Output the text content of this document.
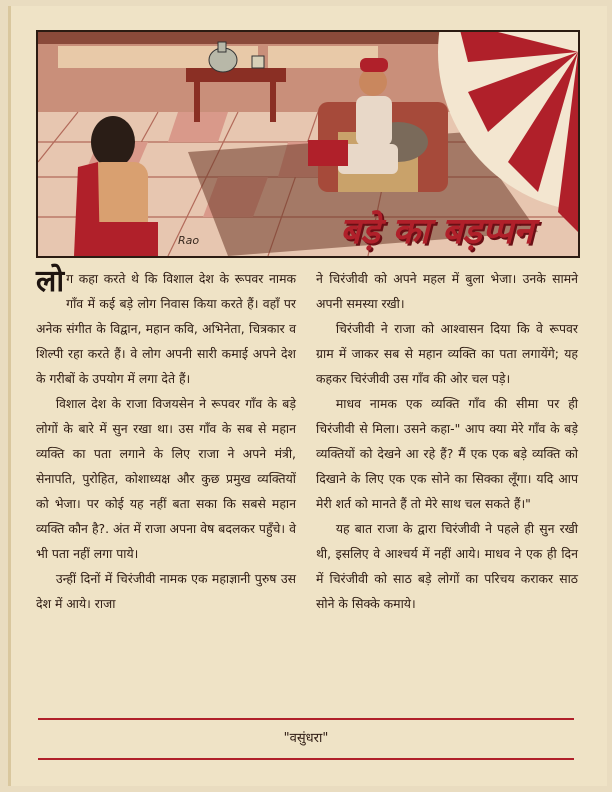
Rao	बड़े का बड़प्पन

लोग कहा करते थे कि विशाल देश के रूपवर नामक गाँव में कई बड़े लोग निवास किया करते हैं। वहाँ पर अनेक संगीत के विद्वान, महान कवि, अभिनेता, चित्रकार व शिल्पी रहा करते हैं। वे लोग अपनी सारी कमाई अपने देश के गरीबों के उपयोग में लगा देते हैं।

विशाल देश के राजा विजयसेन ने रूपवर गाँव के बड़े लोगों के बारे में सुन रखा था। उस गाँव के सब से महान व्यक्ति का पता लगाने के लिए राजा ने अपने मंत्री, सेनापति, पुरोहित, कोशाध्यक्ष और कुछ प्रमुख व्यक्तियों को भेजा। पर कोई यह नहीं बता सका कि सबसे महान व्यक्ति कौन है?. अंत में राजा अपना वेष बदलकर पहुँचे। वे भी पता नहीं लगा पाये।

उन्हीं दिनों में चिरंजीवी नामक एक महाज्ञानी पुरुष उस देश में आये। राजा

ने चिरंजीवी को अपने महल में बुला भेजा। उनके सामने अपनी समस्या रखी।

चिरंजीवी ने राजा को आश्वासन दिया कि वे रूपवर ग्राम में जाकर सब से महान व्यक्ति का पता लगायेंगे; यह कहकर चिरंजीवी उस गाँव की ओर चल पड़े।

माधव नामक एक व्यक्ति गाँव की सीमा पर ही चिरंजीवी से मिला। उसने कहा-" आप क्या मेरे गाँव के बड़े व्यक्तियों को देखने आ रहे हैं? मैं एक एक बड़े व्यक्ति को दिखाने के लिए एक एक सोने का सिक्का लूँगा। यदि आप मेरी शर्त को मानते हैं तो मेरे साथ चल सकते हैं।"

यह बात राजा के द्वारा चिरंजीवी ने पहले ही सुन रखी थी, इसलिए वे आश्चर्य में नहीं आये। माधव ने एक ही दिन में चिरंजीवी को साठ बड़े लोगों का परिचय कराकर साठ सोने के सिक्के कमाये।

"वसुंधरा"
